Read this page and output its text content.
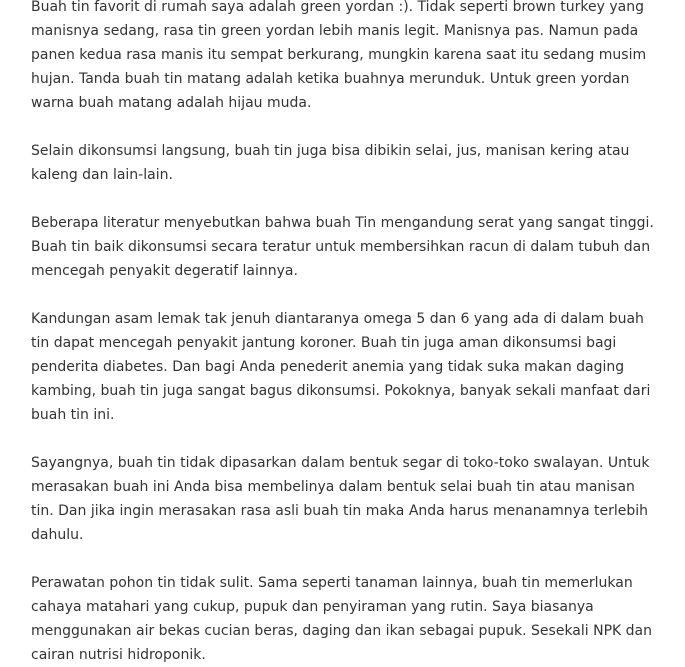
Buah tin favorit di rumah saya adalah green yordan :). Tidak seperti brown turkey yang manisnya sedang, rasa tin green yordan lebih manis legit. Manisnya pas. Namun pada panen kedua rasa manis itu sempat berkurang, mungkin karena saat itu sedang musim hujan. Tanda buah tin matang adalah ketika buahnya merunduk. Untuk green yordan warna buah matang adalah hijau muda.

Selain dikonsumsi langsung, buah tin juga bisa dibikin selai, jus, manisan kering atau kaleng dan lain-lain.

Beberapa literatur menyebutkan bahwa buah Tin mengandung serat yang sangat tinggi. Buah tin baik dikonsumsi secara teratur untuk membersihkan racun di dalam tubuh dan mencegah penyakit degeratif lainnya.

Kandungan asam lemak tak jenuh diantaranya omega 5 dan 6 yang ada di dalam buah tin dapat mencegah penyakit jantung koroner. Buah tin juga aman dikonsumsi bagi penderita diabetes. Dan bagi Anda penederit anemia yang tidak suka makan daging kambing, buah tin juga sangat bagus dikonsumsi. Pokoknya, banyak sekali manfaat dari buah tin ini.

Sayangnya, buah tin tidak dipasarkan dalam bentuk segar di toko-toko swalayan. Untuk merasakan buah ini Anda bisa membelinya dalam bentuk selai buah tin atau manisan tin. Dan jika ingin merasakan rasa asli buah tin maka Anda harus menanamnya terlebih dahulu.

Perawatan pohon tin tidak sulit. Sama seperti tanaman lainnya, buah tin memerlukan cahaya matahari yang cukup, pupuk dan penyiraman yang rutin. Saya biasanya menggunakan air bekas cucian beras, daging dan ikan sebagai pupuk. Sesekali NPK dan cairan nutrisi hidroponik.
